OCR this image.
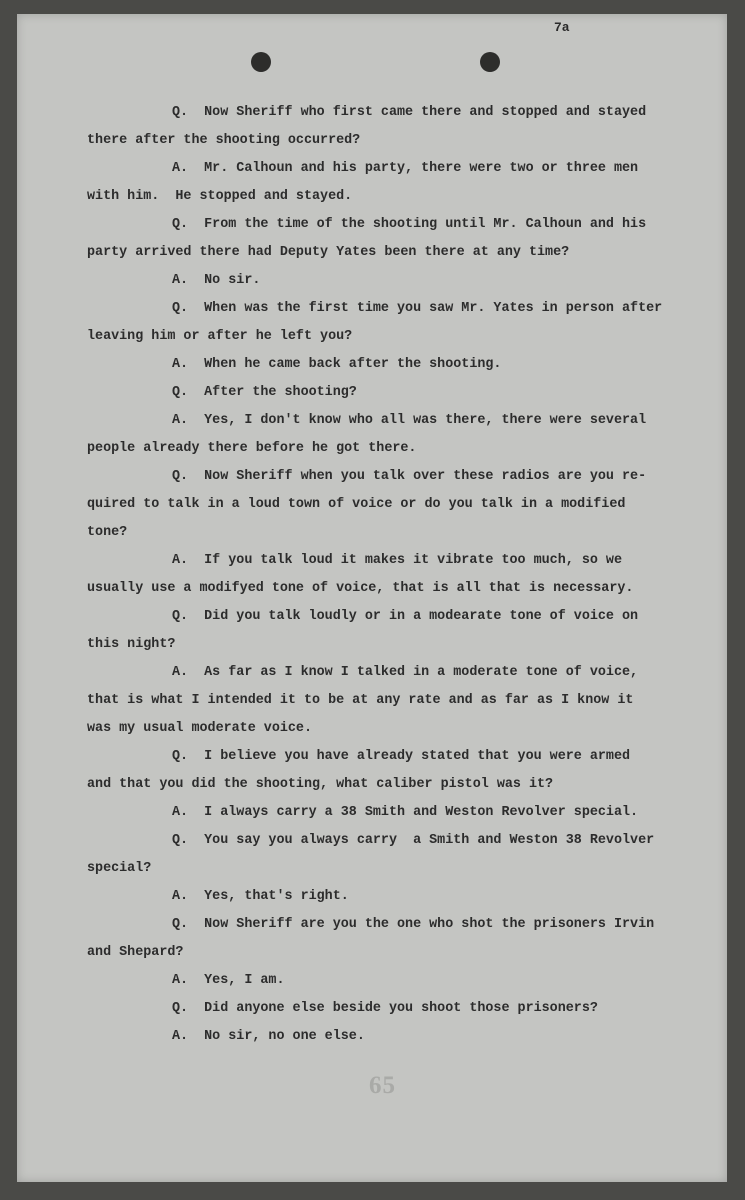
7a

Q.  Now Sheriff who first came there and stopped and stayed
there after the shooting occurred?

A.  Mr. Calhoun and his party, there were two or three men
with him.  He stopped and stayed.

Q.  From the time of the shooting until Mr. Calhoun and his
party arrived there had Deputy Yates been there at any time?

A.  No sir.

Q.  When was the first time you saw Mr. Yates in person after
leaving him or after he left you?

A.  When he came back after the shooting.

Q.  After the shooting?

A.  Yes, I don't know who all was there, there were several
people already there before he got there.

Q.  Now Sheriff when you talk over these radios are you re-
quired to talk in a loud town of voice or do you talk in a modified
tone?

A.  If you talk loud it makes it vibrate too much, so we
usually use a modifyed tone of voice, that is all that is necessary.

Q.  Did you talk loudly or in a modearate tone of voice on
this night?

A.  As far as I know I talked in a moderate tone of voice,
that is what I intended it to be at any rate and as far as I know it
was my usual moderate voice.

Q.  I believe you have already stated that you were armed
and that you did the shooting, what caliber pistol was it?

A.  I always carry a 38 Smith and Weston Revolver special.

Q.  You say you always carry  a Smith and Weston 38 Revolver
special?

A.  Yes, that's right.

Q.  Now Sheriff are you the one who shot the prisoners Irvin
and Shepard?

A.  Yes, I am.

Q.  Did anyone else beside you shoot those prisoners?

A.  No sir, no one else.

65
